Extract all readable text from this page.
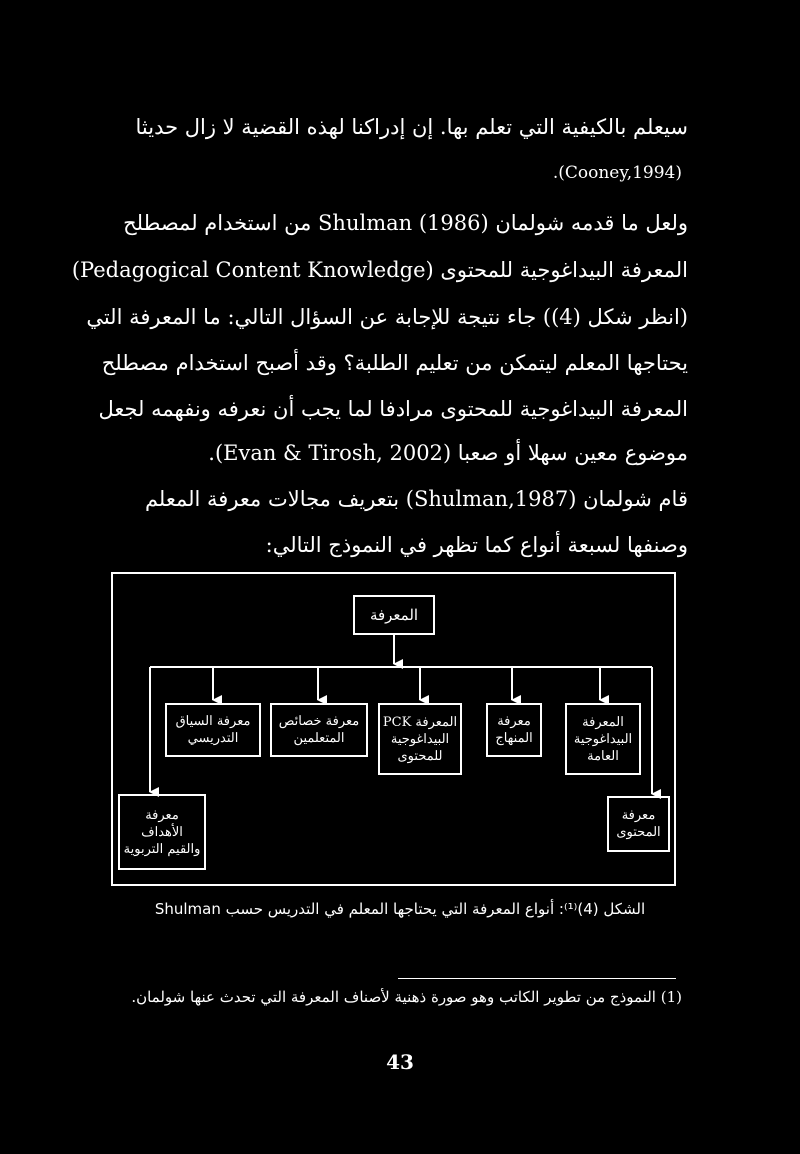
سيعلم بالكيفية التي تعلم بها. إن إدراكنا لهذه القضية لا زال حديثا
.(Cooney,1994)
ولعل ما قدمه شولمان (1986) Shulman من استخدام لمصطلح
المعرفة البيداغوجية للمحتوى (Pedagogical Content Knowledge)
(انظر شكل (4)) جاء نتيجة للإجابة عن السؤال التالي: ما المعرفة التي
يحتاجها المعلم ليتمكن من تعليم الطلبة؟ وقد أصبح استخدام مصطلح
المعرفة البيداغوجية للمحتوى مرادفا لما يجب أن نعرفه ونفهمه لجعل
موضوع معين سهلا أو صعبا (Evan & Tirosh, 2002).
قام شولمان (Shulman,1987) بتعريف مجالات معرفة المعلم
وصنفها لسبعة أنواع كما تظهر في النموذج التالي:
المعرفة
معرفة السياق
التدريسي
معرفة خصائص
المتعلمين
المعرفة PCK
البيداغوجية
للمحتوى
معرفة
المنهاج
المعرفة
البيداغوجية
العامة
معرفة
الأهداف
والقيم التربوية
معرفة
المحتوى
الشكل (4)⁽¹⁾: أنواع المعرفة التي يحتاجها المعلم في التدريس حسب Shulman
(1) النموذج من تطوير الكاتب وهو صورة ذهنية لأصناف المعرفة التي تحدث عنها شولمان.
43
